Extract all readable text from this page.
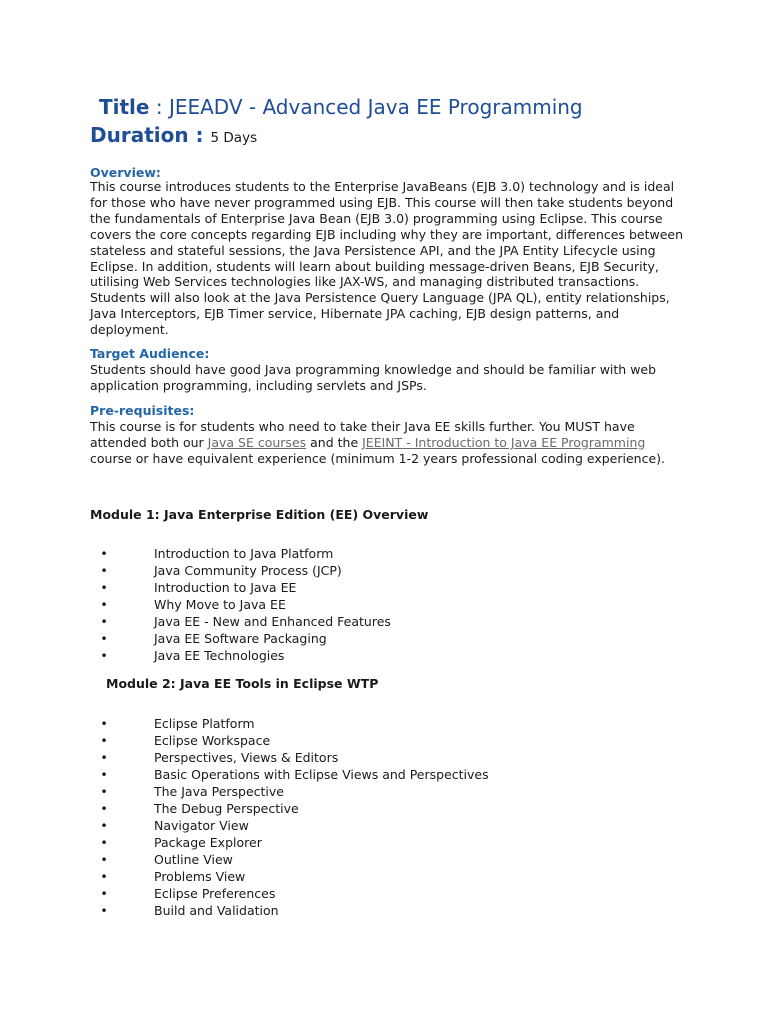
Title : JEEADV - Advanced Java EE Programming
Duration : 5 Days
Overview:

This course introduces students to the Enterprise JavaBeans (EJB 3.0) technology and is ideal for those who have never programmed using EJB. This course will then take students beyond the fundamentals of Enterprise Java Bean (EJB 3.0) programming using Eclipse. This course covers the core concepts regarding EJB including why they are important, differences between stateless and stateful sessions, the Java Persistence API, and the JPA Entity Lifecycle using Eclipse. In addition, students will learn about building message-driven Beans, EJB Security, utilising Web Services technologies like JAX-WS, and managing distributed transactions. Students will also look at the Java Persistence Query Language (JPA QL), entity relationships, Java Interceptors, EJB Timer service, Hibernate JPA caching, EJB design patterns, and deployment.

Target Audience:

Students should have good Java programming knowledge and should be familiar with web application programming, including servlets and JSPs.

Pre-requisites:

This course is for students who need to take their Java EE skills further. You MUST have attended both our Java SE courses and the JEEINT - Introduction to Java EE Programming course or have equivalent experience (minimum 1-2 years professional coding experience).

Module 1: Java Enterprise Edition (EE) Overview
•	Introduction to Java Platform
•	Java Community Process (JCP)
•	Introduction to Java EE
•	Why Move to Java EE
•	Java EE - New and Enhanced Features
•	Java EE Software Packaging
•	Java EE Technologies
Module 2: Java EE Tools in Eclipse WTP
•	Eclipse Platform
•	Eclipse Workspace
•	Perspectives, Views & Editors
•	Basic Operations with Eclipse Views and Perspectives
•	The Java Perspective
•	The Debug Perspective
•	Navigator View
•	Package Explorer
•	Outline View
•	Problems View
•	Eclipse Preferences
•	Build and Validation
